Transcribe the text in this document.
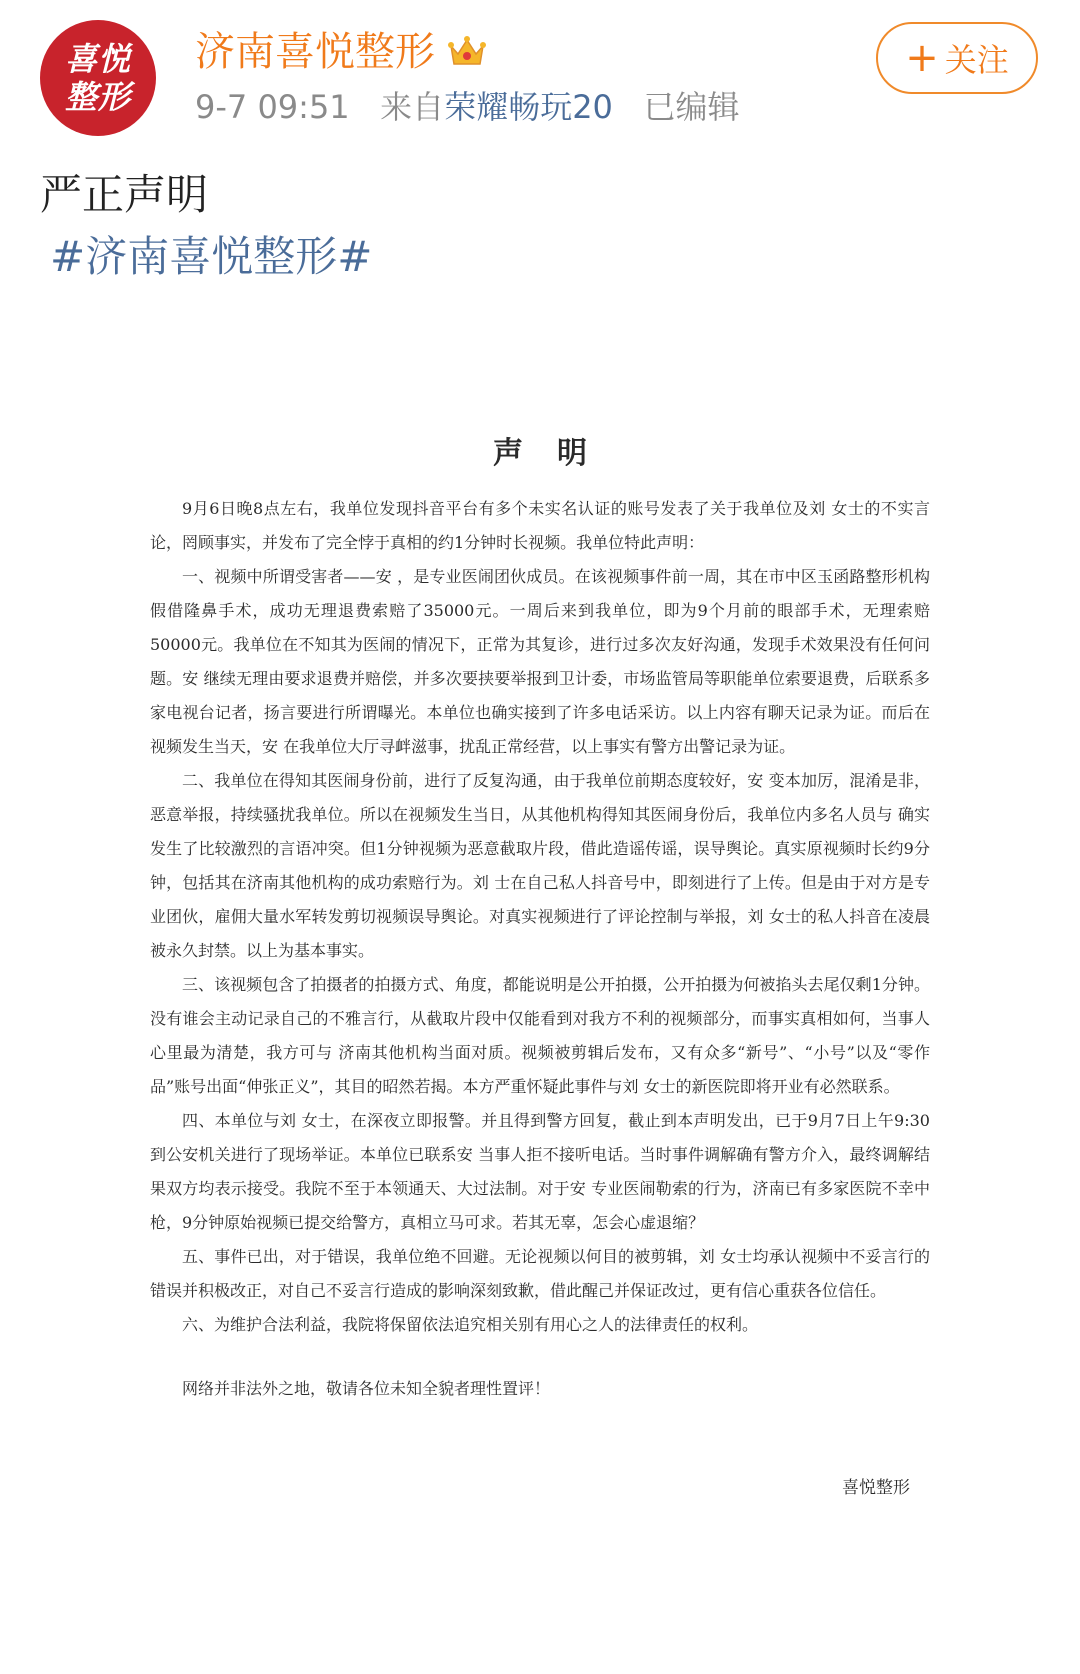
喜悦
整形
济南喜悦整形
9-7 09:51 来自荣耀畅玩20 已编辑
+ 关注
严正声明
#济南喜悦整形#
声明

9月6日晚8点左右，我单位发现抖音平台有多个未实名认证的账号发表了关于我单位及刘 女士的不实言论，罔顾事实，并发布了完全悖于真相的约1分钟时长视频。我单位特此声明：

一、视频中所谓受害者——安 ，是专业医闹团伙成员。在该视频事件前一周，其在市中区玉函路整形机构假借隆鼻手术，成功无理退费索赔了35000元。一周后来到我单位，即为9个月前的眼部手术，无理索赔50000元。我单位在不知其为医闹的情况下，正常为其复诊，进行过多次友好沟通，发现手术效果没有任何问题。安 继续无理由要求退费并赔偿，并多次要挟要举报到卫计委，市场监管局等职能单位索要退费，后联系多家电视台记者，扬言要进行所谓曝光。本单位也确实接到了许多电话采访。以上内容有聊天记录为证。而后在视频发生当天，安 在我单位大厅寻衅滋事，扰乱正常经营，以上事实有警方出警记录为证。

二、我单位在得知其医闹身份前，进行了反复沟通，由于我单位前期态度较好，安 变本加厉，混淆是非，恶意举报，持续骚扰我单位。所以在视频发生当日，从其他机构得知其医闹身份后，我单位内多名人员与 确实发生了比较激烈的言语冲突。但1分钟视频为恶意截取片段，借此造谣传谣，误导舆论。真实原视频时长约9分钟，包括其在济南其他机构的成功索赔行为。刘 士在自己私人抖音号中，即刻进行了上传。但是由于对方是专业团伙，雇佣大量水军转发剪切视频误导舆论。对真实视频进行了评论控制与举报，刘 女士的私人抖音在凌晨被永久封禁。以上为基本事实。

三、该视频包含了拍摄者的拍摄方式、角度，都能说明是公开拍摄，公开拍摄为何被掐头去尾仅剩1分钟。没有谁会主动记录自己的不雅言行，从截取片段中仅能看到对我方不利的视频部分，而事实真相如何，当事人心里最为清楚，我方可与 济南其他机构当面对质。视频被剪辑后发布，又有众多“新号”、“小号”以及“零作品”账号出面“伸张正义”，其目的昭然若揭。本方严重怀疑此事件与刘 女士的新医院即将开业有必然联系。

四、本单位与刘 女士，在深夜立即报警。并且得到警方回复，截止到本声明发出，已于9月7日上午9:30到公安机关进行了现场举证。本单位已联系安 当事人拒不接听电话。当时事件调解确有警方介入，最终调解结果双方均表示接受。我院不至于本领通天、大过法制。对于安 专业医闹勒索的行为，济南已有多家医院不幸中枪，9分钟原始视频已提交给警方，真相立马可求。若其无辜，怎会心虚退缩？

五、事件已出，对于错误，我单位绝不回避。无论视频以何目的被剪辑，刘 女士均承认视频中不妥言行的错误并积极改正，对自己不妥言行造成的影响深刻致歉，借此醒己并保证改过，更有信心重获各位信任。

六、为维护合法利益，我院将保留依法追究相关别有用心之人的法律责任的权利。

网络并非法外之地，敬请各位未知全貌者理性置评！

喜悦整形
